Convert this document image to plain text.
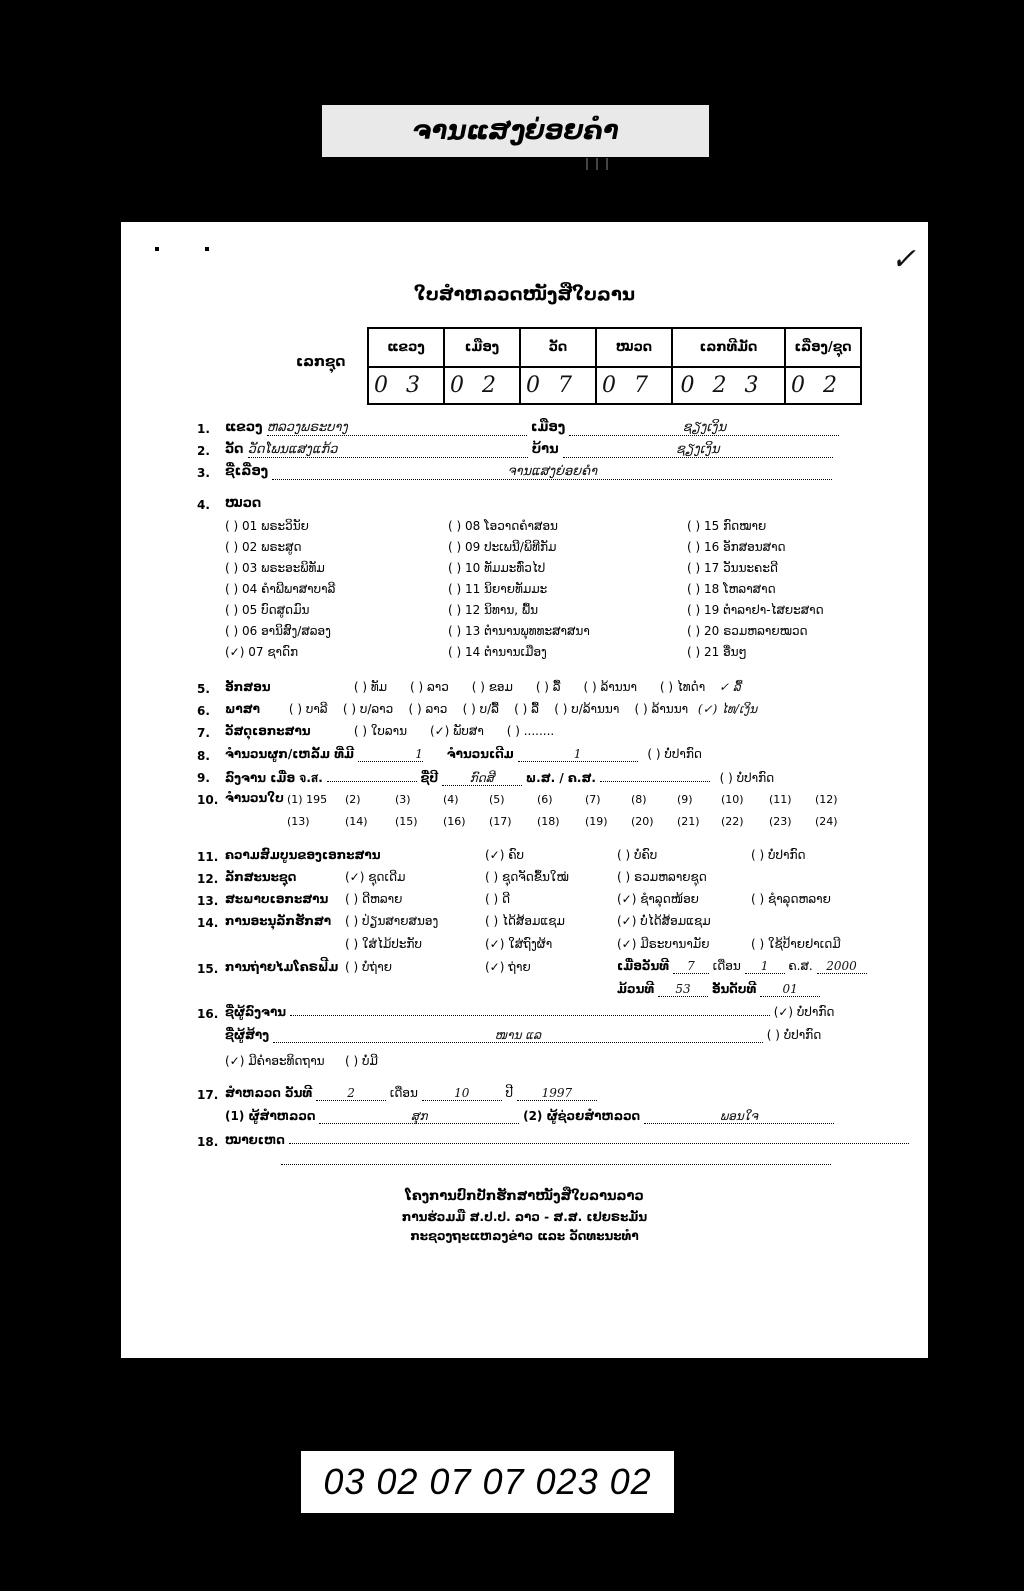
ຈານແສງຍ່ອຍຄຳ
✓
ໃບສຳຫລວດໜັງສືໃບລານ
ເລກຊຸດ
ແຂວງ	ເມືອງ	ວັດ	ໝວດ	ເລກທີມັດ	ເລື່ອງ/ຊຸດ
03	02	07	07	023	02
1. ແຂວງ ຫລວງພຣະບາງ	ເມືອງ	ຊຽງເງິນ
2. ວັດ ວັດໂພນແສງແກ້ວ	ບ້ານ	ຊຽງເງິນ
3. ຊື່ເລື່ອງ	ຈານແສງຍ່ອຍຄຳ
4. ໝວດ
( ) 01 ພຣະວິນັຍ
( ) 02 ພຣະສູດ
( ) 03 ພຣະອະພິທັມ
( ) 04 ຄຳພີພາສາບາລີ
( ) 05 ບົດສູດມົນ
( ) 06 ອານິສົງ/ສລອງ
(✓) 07 ຊາດົກ
( ) 08 ໂອວາດຄຳສອນ
( ) 09 ປະເພນີ/ພິທີກັມ
( ) 10 ທັມມະທົ່ວໄປ
( ) 11 ນິຍາຍທັມມະ
( ) 12 ນິທານ, ພື້ນ
( ) 13 ຕຳນານພຸທທະສາສນາ
( ) 14 ຕຳນານເມືອງ
( ) 15 ກົດໝາຍ
( ) 16 ອັກສອນສາດ
( ) 17 ວັນນະຄະດີ
( ) 18 ໂຫລາສາດ
( ) 19 ຕຳລາຢາ-ໄສຍະສາດ
( ) 20 ຣວມຫລາຍໝວດ
( ) 21 ອື່ນໆ
5. ອັກສອນ	( ) ທັມ      ( ) ລາວ      ( ) ຂອມ      ( ) ລື້      ( ) ລ້ານນາ      ( ) ໄທດຳ ✓ ລື້
6. ພາສາ ( ) ບາລີ    ( ) ບ/ລາວ    ( ) ລາວ    ( ) ບ/ລື້    ( ) ລື້    ( ) ບ/ລ້ານນາ    ( ) ລ້ານນາ (✓) ໄທ/ເງິນ
7. ວັສດຸເອກະສານ	( ) ໃບລານ      (✓) ພັບສາ      ( ) ........
8. ຈຳນວນຜູກ/ເຫລັ້ມ ທີ່ມີ	1 ຈຳນວນເດີມ	1	( ) ບໍ່ປາກົດ
9. ລົງຈານ ເມື່ອ จ.ส.	ຊື່ປີ	ກົດສີ	ພ.ສ. / ຄ.ສ.	( ) ບໍ່ປາກົດ
10. ຈຳນວນໃບ (1) 195	(2)	(3)	(4)	(5)	(6)	(7)	(8)	(9)	(10)	(11)	(12)
(13)	(14)	(15)	(16)	(17)	(18)	(19)	(20)	(21)	(22)	(23)	(24)
11. ຄວາມສົມບູນຂອງເອກະສານ	(✓) ຄົບ	( ) ບໍ່ຄົບ	( ) ບໍ່ປາກົດ
12. ລັກສະນະຊຸດ	(✓) ຊຸດເດີມ	( ) ຊຸດຈັດຂຶ້ນໃໝ່	( ) ຣວມຫລາຍຊຸດ
13. ສະພາບເອກະສານ ( ) ດີຫລາຍ	( ) ດີ	(✓) ຊຳລຸດໜ້ອຍ	( ) ຊຳລຸດຫລາຍ
14. ການອະນຸລັກຮັກສາ ( ) ປ່ຽນສາຍສນອງ	( ) ໄດ້ສ້ອມແຊມ	(✓) ບໍ່ໄດ້ສ້ອມແຊມ
( ) ໃສ່ໄມ້ປະກັບ	(✓) ໃສ່ຖົງຜ້າ	(✓) ມີຣະບານາມັຍ	( ) ໃຊ້ປ້າຍຢາເດມີ
15. ການຖ່າຍໄມໂຄຣຟີມ ( ) ບໍ່ຖ່າຍ	(✓) ຖ່າຍ	ເມື່ອວັນທີ 7 ເດືອນ 1 ຄ.ສ. 2000
ມ້ວນທີ 53 ອັນດັບທີ 01
16. ຊື່ຜູ້ລົງຈານ	(✓) ບໍ່ປາກົດ
ຊື່ຜູ້ສ້າງ	ໜານ ແລ	( ) ບໍ່ປາກົດ
(✓) ມີຄຳອະທິດຖານ ( ) ບໍ່ມີ
17. ສຳຫລວດ ວັນທີ	2	ເດືອນ	10	ປີ 1997
(1) ຜູ້ສຳຫລວດ	ສຸກ	(2) ຜູ້ຊ່ວຍສຳຫລວດ	ພອນໃຈ
18. ໝາຍເຫດ
ໂຄງການປົກປັກຮັກສາໜັງສືໃບລານລາວ
ການຮ່ວມມື ສ.ປ.ປ. ລາວ - ສ.ສ. ເຢຍຣະມັນ
ກະຊວງຖະແຫລງຂ່າວ ແລະ ວັດທະນະທຳ
03 02 07 07 023 02
